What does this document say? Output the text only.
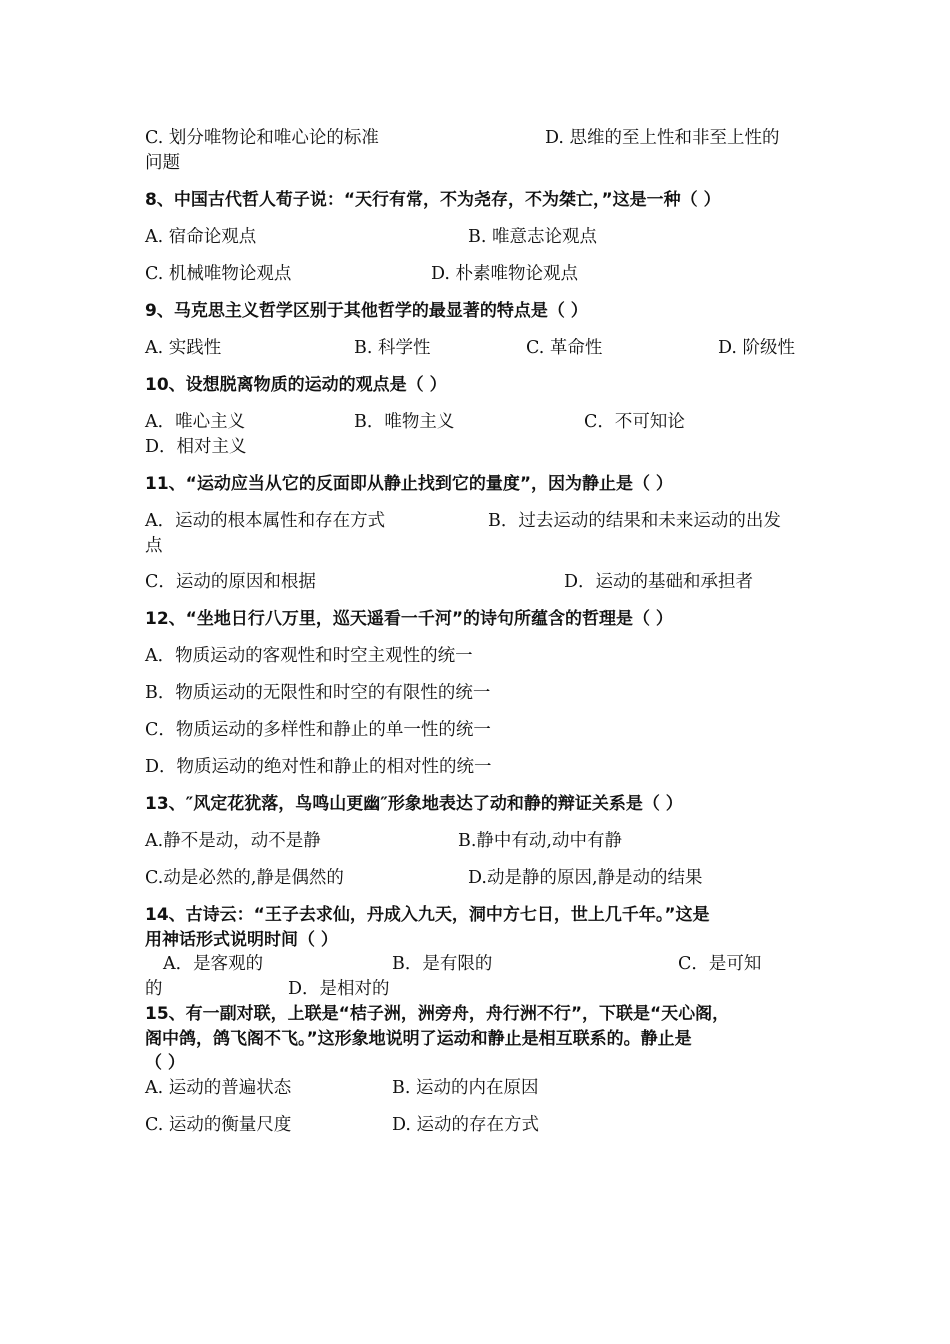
C. 划分唯物论和唯心论的标准	D. 思维的至上性和非至上性的
问题
8、中国古代哲人荀子说：“天行有常，不为尧存，不为桀亡，”这是一种（ ）
A. 宿命论观点	B. 唯意志论观点
C. 机械唯物论观点	D. 朴素唯物论观点
9、马克思主义哲学区别于其他哲学的最显著的特点是（ ）
A. 实践性	B. 科学性	C. 革命性	D. 阶级性
10、设想脱离物质的运动的观点是（ ）
A．唯心主义	B．唯物主义	C．不可知论
D．相对主义
11、“运动应当从它的反面即从静止找到它的量度”，因为静止是（ ）
A．运动的根本属性和存在方式	B．过去运动的结果和未来运动的出发
点
C．运动的原因和根据	D．运动的基础和承担者
12、“坐地日行八万里，巡天遥看一千河”的诗句所蕴含的哲理是（ ）
A．物质运动的客观性和时空主观性的统一
B．物质运动的无限性和时空的有限性的统一
C．物质运动的多样性和静止的单一性的统一
D．物质运动的绝对性和静止的相对性的统一
13、″风定花犹落，鸟鸣山更幽″形象地表达了动和静的辩证关系是（ ）
A.静不是动，动不是静	B.静中有动,动中有静
C.动是必然的,静是偶然的	D.动是静的原因,静是动的结果
14、古诗云：“王子去求仙，丹成入九天，洞中方七日，世上几千年。”这是
用神话形式说明时间（ ）
A．是客观的	B．是有限的	C．是可知
的	D．是相对的
15、有一副对联，上联是“桔子洲，洲旁舟，舟行洲不行”，下联是“天心阁，
阁中鸽，鸽飞阁不飞。”这形象地说明了运动和静止是相互联系的。静止是
（ ）
A. 运动的普遍状态	B. 运动的内在原因
C. 运动的衡量尺度	D. 运动的存在方式
